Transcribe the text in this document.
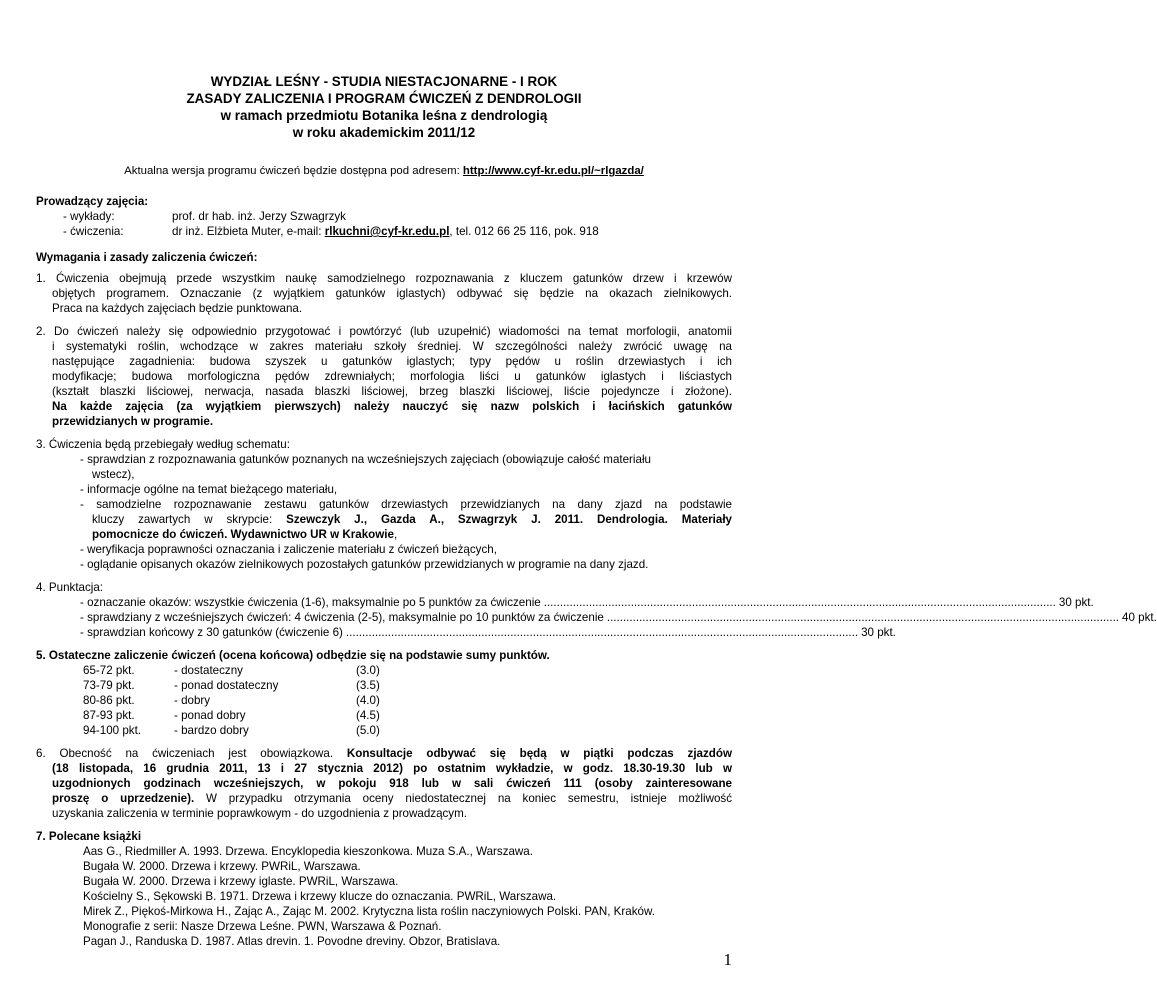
WYDZIAŁ LEŚNY - STUDIA NIESTACJONARNE - I ROK
ZASADY ZALICZENIA I PROGRAM ĆWICZEŃ Z DENDROLOGII
w ramach przedmiotu Botanika leśna z dendrologią
w roku akademickim 2011/12
Aktualna wersja programu ćwiczeń będzie dostępna pod adresem: http://www.cyf-kr.edu.pl/~rlgazda/
Prowadzący zajęcia:
- wykłady:	prof. dr hab. inż. Jerzy Szwagrzyk
- ćwiczenia:	dr inż. Elżbieta Muter, e-mail: rlkuchni@cyf-kr.edu.pl, tel. 012 66 25 116, pok. 918
Wymagania i zasady zaliczenia ćwiczeń:
1. Ćwiczenia obejmują przede wszystkim naukę samodzielnego rozpoznawania z kluczem gatunków drzew i krzewów
objętych programem. Oznaczanie (z wyjątkiem gatunków iglastych) odbywać się będzie na okazach zielnikowych.
Praca na każdych zajęciach będzie punktowana.
2. Do ćwiczeń należy się odpowiednio przygotować i powtórzyć (lub uzupełnić) wiadomości na temat morfologii, anatomii
i systematyki roślin, wchodzące w zakres materiału szkoły średniej. W szczególności należy zwrócić uwagę na
następujące zagadnienia: budowa szyszek u gatunków iglastych; typy pędów u roślin drzewiastych i ich
modyfikacje; budowa morfologiczna pędów zdrewniałych; morfologia liści u gatunków iglastych i liściastych
(kształt blaszki liściowej, nerwacja, nasada blaszki liściowej, brzeg blaszki liściowej, liście pojedyncze i złożone).
Na każde zajęcia (za wyjątkiem pierwszych) należy nauczyć się nazw polskich i łacińskich gatunków
przewidzianych w programie.
3. Ćwiczenia będą przebiegały według schematu:
- sprawdzian z rozpoznawania gatunków poznanych na wcześniejszych zajęciach (obowiązuje całość materiału
wstecz),
- informacje ogólne na temat bieżącego materiału,
- samodzielne rozpoznawanie zestawu gatunków drzewiastych przewidzianych na dany zjazd na podstawie
kluczy zawartych w skrypcie: Szewczyk J., Gazda A., Szwagrzyk J. 2011. Dendrologia. Materiały
pomocnicze do ćwiczeń. Wydawnictwo UR w Krakowie,
- weryfikacja poprawności oznaczania i zaliczenie materiału z ćwiczeń bieżących,
- oglądanie opisanych okazów zielnikowych pozostałych gatunków przewidzianych w programie na dany zjazd.
4. Punktacja:
- oznaczanie okazów: wszystkie ćwiczenia (1-6), maksymalnie po 5 punktów za ćwiczenie ............................................................................................................................................................... 30 pkt.
- sprawdziany z wcześniejszych ćwiczeń: 4 ćwiczenia (2-5), maksymalnie po 10 punktów za ćwiczenie ............................................................................................................................................................... 40 pkt.
- sprawdzian końcowy z 30 gatunków (ćwiczenie 6) ............................................................................................................................................................... 30 pkt.
5. Ostateczne zaliczenie ćwiczeń (ocena końcowa) odbędzie się na podstawie sumy punktów.
65-72 pkt.	- dostateczny	(3.0)
73-79 pkt.	- ponad dostateczny	(3.5)
80-86 pkt.	- dobry	(4.0)
87-93 pkt.	- ponad dobry	(4.5)
94-100 pkt.	- bardzo dobry	(5.0)
6. Obecność na ćwiczeniach jest obowiązkowa. Konsultacje odbywać się będą w piątki podczas zjazdów
(18 listopada, 16 grudnia 2011, 13 i 27 stycznia 2012) po ostatnim wykładzie, w godz. 18.30-19.30 lub w
uzgodnionych godzinach wcześniejszych, w pokoju 918 lub w sali ćwiczeń 111 (osoby zainteresowane
proszę o uprzedzenie). W przypadku otrzymania oceny niedostatecznej na koniec semestru, istnieje możliwość
uzyskania zaliczenia w terminie poprawkowym - do uzgodnienia z prowadzącym.
7. Polecane książki
Aas G., Riedmiller A. 1993. Drzewa. Encyklopedia kieszonkowa. Muza S.A., Warszawa.
Bugała W. 2000. Drzewa i krzewy. PWRiL, Warszawa.
Bugała W. 2000. Drzewa i krzewy iglaste. PWRiL, Warszawa.
Kościelny S., Sękowski B. 1971. Drzewa i krzewy klucze do oznaczania. PWRiL, Warszawa.
Mirek Z., Piękoś-Mirkowa H., Zając A., Zając M. 2002. Krytyczna lista roślin naczyniowych Polski. PAN, Kraków.
Monografie z serii: Nasze Drzewa Leśne. PWN, Warszawa & Poznań.
Pagan J., Randuska D. 1987. Atlas drevin. 1. Povodne dreviny. Obzor, Bratislava.
1
